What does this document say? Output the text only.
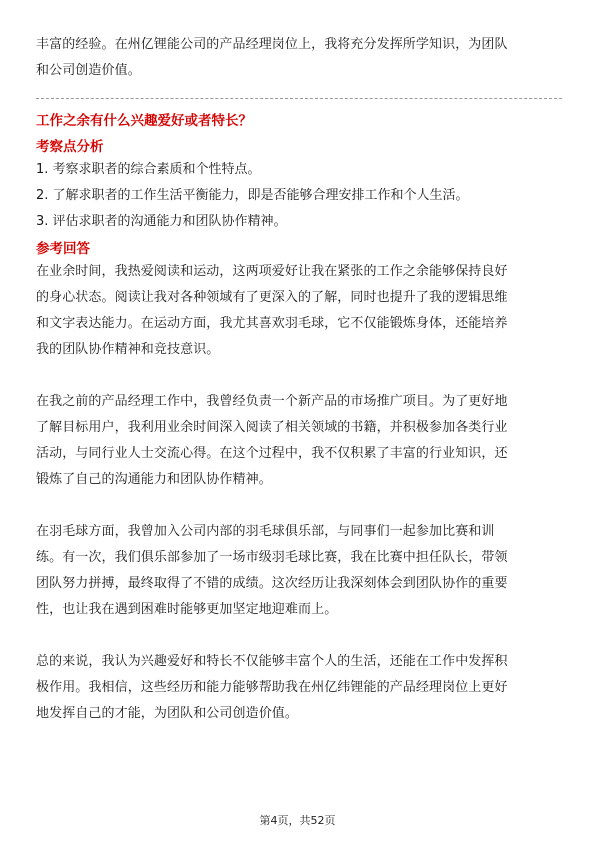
丰富的经验。在州亿锂能公司的产品经理岗位上，我将充分发挥所学知识，为团队

和公司创造价值。

工作之余有什么兴趣爱好或者特长？

考察点分析

1. 考察求职者的综合素质和个性特点。

2. 了解求职者的工作生活平衡能力，即是否能够合理安排工作和个人生活。

3. 评估求职者的沟通能力和团队协作精神。

参考回答

在业余时间，我热爱阅读和运动，这两项爱好让我在紧张的工作之余能够保持良好

的身心状态。阅读让我对各种领域有了更深入的了解，同时也提升了我的逻辑思维

和文字表达能力。在运动方面，我尤其喜欢羽毛球，它不仅能锻炼身体，还能培养

我的团队协作精神和竞技意识。

在我之前的产品经理工作中，我曾经负责一个新产品的市场推广项目。为了更好地

了解目标用户，我利用业余时间深入阅读了相关领域的书籍，并积极参加各类行业

活动，与同行业人士交流心得。在这个过程中，我不仅积累了丰富的行业知识，还

锻炼了自己的沟通能力和团队协作精神。

在羽毛球方面，我曾加入公司内部的羽毛球俱乐部，与同事们一起参加比赛和训

练。有一次，我们俱乐部参加了一场市级羽毛球比赛，我在比赛中担任队长，带领

团队努力拼搏，最终取得了不错的成绩。这次经历让我深刻体会到团队协作的重要

性，也让我在遇到困难时能够更加坚定地迎难而上。

总的来说，我认为兴趣爱好和特长不仅能够丰富个人的生活，还能在工作中发挥积

极作用。我相信，这些经历和能力能够帮助我在州亿纬锂能的产品经理岗位上更好

地发挥自己的才能，为团队和公司创造价值。

第4页，共52页
